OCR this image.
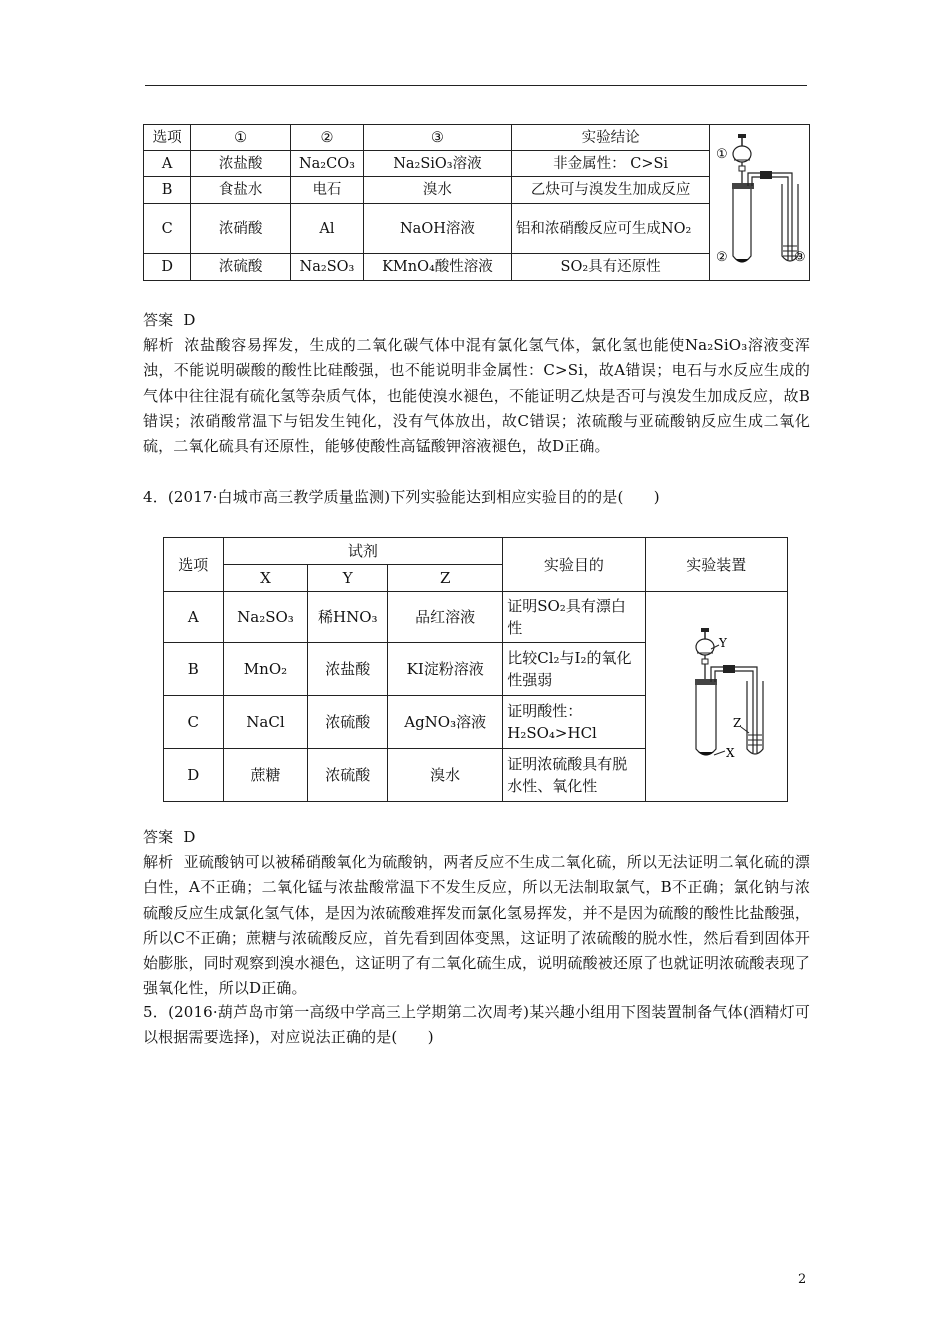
选项	①	②	③	实验结论	①
② ③

A	浓盐酸	Na₂CO₃	Na₂SiO₃溶液	非金属性： C>Si	
B	食盐水	电石	溴水	乙炔可与溴发生加成反应	
C	浓硝酸	Al	NaOH溶液	铝和浓硝酸反应可生成NO₂	
D	浓硫酸	Na₂SO₃	KMnO₄酸性溶液	SO₂具有还原性	

答案 D

解析 浓盐酸容易挥发，生成的二氧化碳气体中混有氯化氢气体，氯化氢也能使Na₂SiO₃溶液变浑浊，不能说明碳酸的酸性比硅酸强，也不能说明非金属性：C>Si，故A错误；电石与水反应生成的气体中往往混有硫化氢等杂质气体，也能使溴水褪色，不能证明乙炔是否可与溴发生加成反应，故B错误；浓硝酸常温下与铝发生钝化，没有气体放出，故C错误；浓硫酸与亚硫酸钠反应生成二氧化硫，二氧化硫具有还原性，能够使酸性高锰酸钾溶液褪色，故D正确。

4．(2017·白城市高三教学质量监测)下列实验能达到相应实验目的的是(　　)

选项	试剂			实验目的	实验装置
	X	Y	Z		
A	Na₂SO₃	稀HNO₃	品红溶液	证明SO₂具有漂白性	Y
Z
X

B	MnO₂	浓盐酸	KI淀粉溶液	比较Cl₂与I₂的氧化性强弱	
C	NaCl	浓硫酸	AgNO₃溶液	证明酸性：H₂SO₄>HCl	
D	蔗糖	浓硫酸	溴水	证明浓硫酸具有脱水性、氧化性	

答案 D

解析 亚硫酸钠可以被稀硝酸氧化为硫酸钠，两者反应不生成二氧化硫，所以无法证明二氧化硫的漂白性，A不正确；二氧化锰与浓盐酸常温下不发生反应，所以无法制取氯气，B不正确；氯化钠与浓硫酸反应生成氯化氢气体，是因为浓硫酸难挥发而氯化氢易挥发，并不是因为硫酸的酸性比盐酸强，所以C不正确；蔗糖与浓硫酸反应，首先看到固体变黑，这证明了浓硫酸的脱水性，然后看到固体开始膨胀，同时观察到溴水褪色，这证明了有二氧化硫生成，说明硫酸被还原了也就证明浓硫酸表现了强氧化性，所以D正确。

5．(2016·葫芦岛市第一高级中学高三上学期第二次周考)某兴趣小组用下图装置制备气体(酒精灯可以根据需要选择)，对应说法正确的是(　　)

2
